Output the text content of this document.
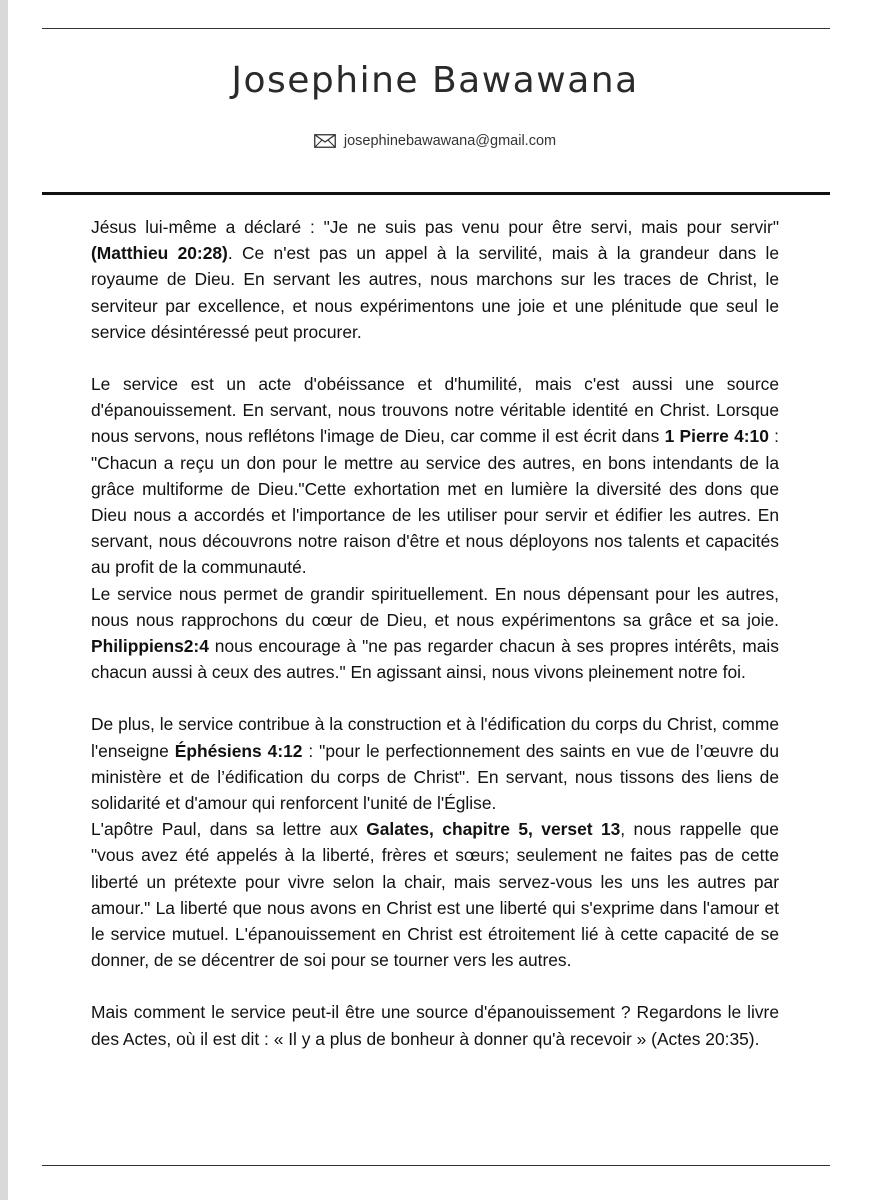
Josephine Bawawana
josephinebawawana@gmail.com

Jésus lui-même a déclaré : "Je ne suis pas venu pour être servi, mais pour servir" (Matthieu 20:28). Ce n'est pas un appel à la servilité, mais à la grandeur dans le royaume de Dieu. En servant les autres, nous marchons sur les traces de Christ, le serviteur par excellence, et nous expérimentons une joie et une plénitude que seul le service désintéressé peut procurer.

Le service est un acte d'obéissance et d'humilité, mais c'est aussi une source d'épanouissement. En servant, nous trouvons notre véritable identité en Christ. Lorsque nous servons, nous reflétons l'image de Dieu, car comme il est écrit dans 1 Pierre 4:10 : "Chacun a reçu un don pour le mettre au service des autres, en bons intendants de la grâce multiforme de Dieu."Cette exhortation met en lumière la diversité des dons que Dieu nous a accordés et l'importance de les utiliser pour servir et édifier les autres. En servant, nous découvrons notre raison d'être et nous déployons nos talents et capacités au profit de la communauté.

Le service nous permet de grandir spirituellement. En nous dépensant pour les autres, nous nous rapprochons du cœur de Dieu, et nous expérimentons sa grâce et sa joie. Philippiens2:4 nous encourage à "ne pas regarder chacun à ses propres intérêts, mais chacun aussi à ceux des autres." En agissant ainsi, nous vivons pleinement notre foi.

De plus, le service contribue à la construction et à l'édification du corps du Christ, comme l'enseigne Éphésiens 4:12 : "pour le perfectionnement des saints en vue de l’œuvre du ministère et de l’édification du corps de Christ". En servant, nous tissons des liens de solidarité et d'amour qui renforcent l'unité de l'Église.

L'apôtre Paul, dans sa lettre aux Galates, chapitre 5, verset 13, nous rappelle que "vous avez été appelés à la liberté, frères et sœurs; seulement ne faites pas de cette liberté un prétexte pour vivre selon la chair, mais servez-vous les uns les autres par amour." La liberté que nous avons en Christ est une liberté qui s'exprime dans l'amour et le service mutuel. L'épanouissement en Christ est étroitement lié à cette capacité de se donner, de se décentrer de soi pour se tourner vers les autres.

Mais comment le service peut-il être une source d'épanouissement ? Regardons le livre des Actes, où il est dit : « Il y a plus de bonheur à donner qu'à recevoir » (Actes 20:35).
